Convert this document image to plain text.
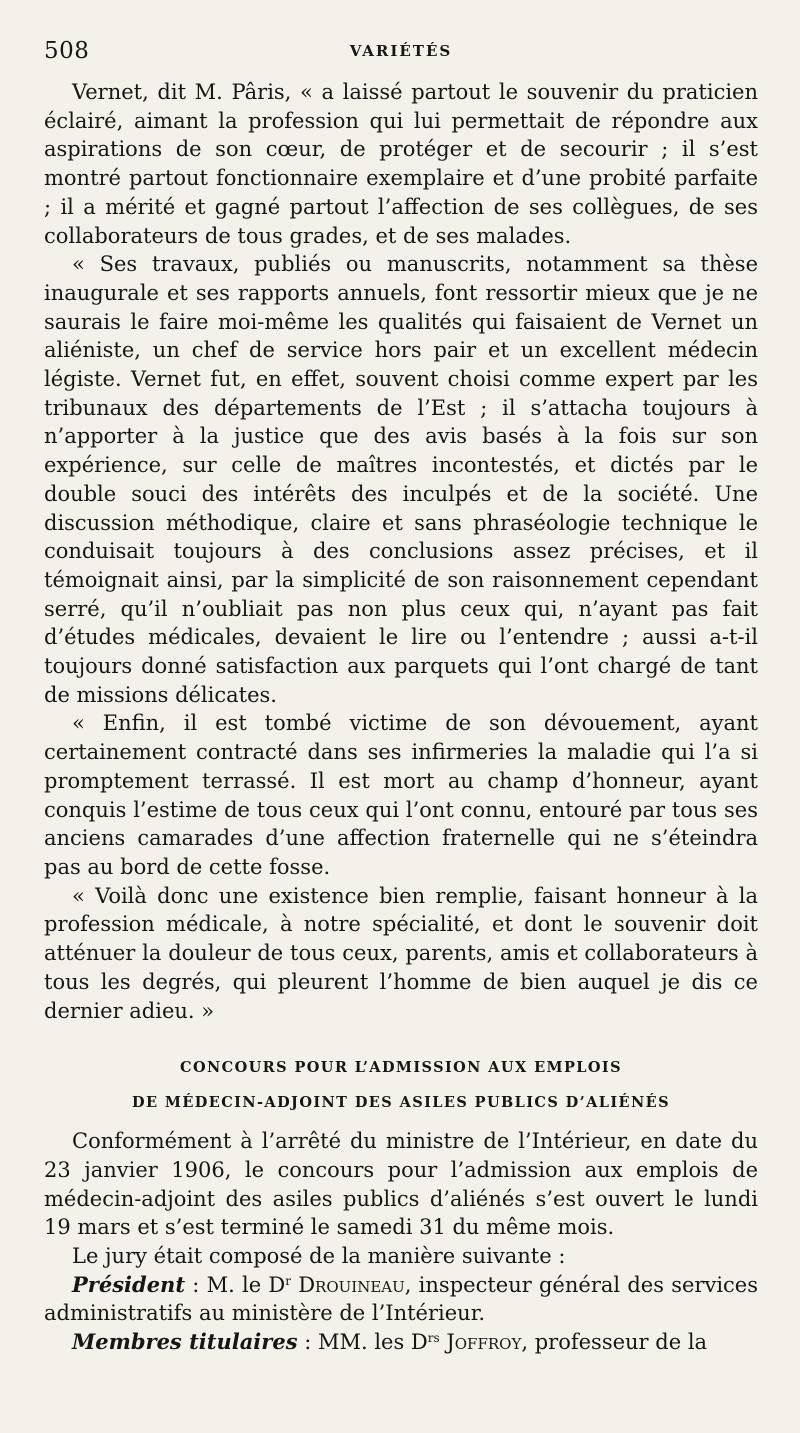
508	VARIÉTÉS

Vernet, dit M. Pâris, « a laissé partout le souvenir du praticien éclairé, aimant la profession qui lui permettait de répondre aux aspirations de son cœur, de protéger et de secourir ; il s’est montré partout fonctionnaire exemplaire et d’une probité parfaite ; il a mérité et gagné partout l’affection de ses collègues, de ses collaborateurs de tous grades, et de ses malades.

« Ses travaux, publiés ou manuscrits, notamment sa thèse inaugurale et ses rapports annuels, font ressortir mieux que je ne saurais le faire moi-même les qualités qui faisaient de Vernet un aliéniste, un chef de service hors pair et un excellent médecin légiste. Vernet fut, en effet, souvent choisi comme expert par les tribunaux des départements de l’Est ; il s’attacha toujours à n’apporter à la justice que des avis basés à la fois sur son expérience, sur celle de maîtres incontestés, et dictés par le double souci des intérêts des inculpés et de la société. Une discussion méthodique, claire et sans phraséologie technique le conduisait toujours à des conclusions assez précises, et il témoignait ainsi, par la simplicité de son raisonnement cependant serré, qu’il n’oubliait pas non plus ceux qui, n’ayant pas fait d’études médicales, devaient le lire ou l’entendre ; aussi a-t-il toujours donné satisfaction aux parquets qui l’ont chargé de tant de missions délicates.

« Enfin, il est tombé victime de son dévouement, ayant certainement contracté dans ses infirmeries la maladie qui l’a si promptement terrassé. Il est mort au champ d’honneur, ayant conquis l’estime de tous ceux qui l’ont connu, entouré par tous ses anciens camarades d’une affection fraternelle qui ne s’éteindra pas au bord de cette fosse.

« Voilà donc une existence bien remplie, faisant honneur à la profession médicale, à notre spécialité, et dont le souvenir doit atténuer la douleur de tous ceux, parents, amis et collaborateurs à tous les degrés, qui pleurent l’homme de bien auquel je dis ce dernier adieu. »

CONCOURS POUR L’ADMISSION AUX EMPLOIS
DE MÉDECIN-ADJOINT DES ASILES PUBLICS D’ALIÉNÉS

Conformément à l’arrêté du ministre de l’Intérieur, en date du 23 janvier 1906, le concours pour l’admission aux emplois de médecin-adjoint des asiles publics d’aliénés s’est ouvert le lundi 19 mars et s’est terminé le samedi 31 du même mois.

Le jury était composé de la manière suivante :

Président : M. le $D^r$ Drouineau, inspecteur général des services administratifs au ministère de l’Intérieur.

Membres titulaires : MM. les $D^{rs}$ Joffroy, professeur de la
